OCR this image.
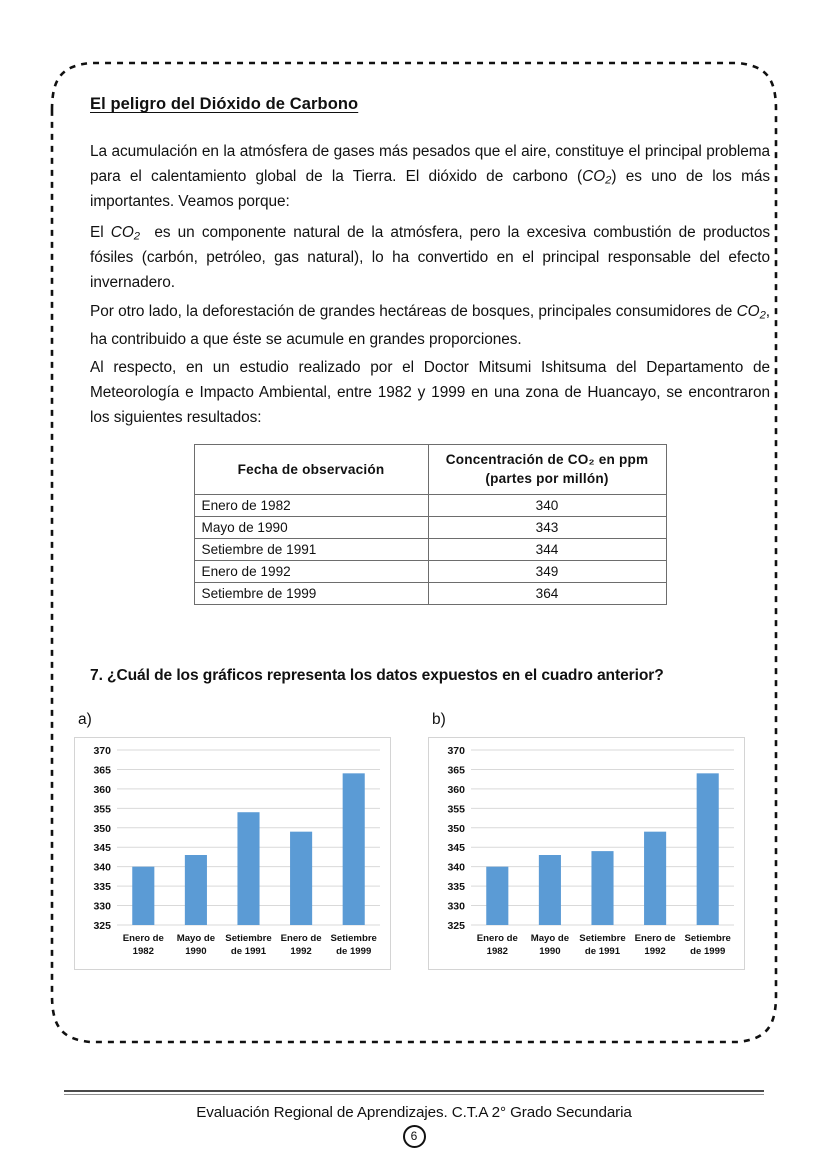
El peligro del Dióxido de Carbono

La acumulación en la atmósfera de gases más pesados que el aire, constituye el principal problema para el calentamiento global de la Tierra. El dióxido de carbono $(CO_2)$ es uno de los más importantes. Veamos porque:

El $CO_2$  es un componente natural de la atmósfera, pero la excesiva combustión de productos fósiles (carbón, petróleo, gas natural), lo ha convertido en el principal responsable del efecto invernadero.

Por otro lado, la deforestación de grandes hectáreas de bosques, principales consumidores de $CO_2$, ha contribuido a que éste se acumule en grandes proporciones.

Al respecto, en un estudio realizado por el Doctor Mitsumi Ishitsuma del Departamento de Meteorología e Impacto Ambiental, entre 1982 y 1999 en una zona de Huancayo, se encontraron los siguientes resultados:

Fecha de observación	Concentración de CO₂ en ppm
(partes por millón)
Enero de 1982	340
Mayo de 1990	343
Setiembre de 1991	344
Enero de 1992	349
Setiembre de 1999	364
7. ¿Cuál de los gráficos representa los datos expuestos en el cuadro anterior?
a)
325
330
335
340
345
350
355
360
365
370
Enero de
1982
Mayo de
1990
Setiembre
de 1991
Enero de
1992
Setiembre
de 1999
b)
325
330
335
340
345
350
355
360
365
370
Enero de
1982
Mayo de
1990
Setiembre
de 1991
Enero de
1992
Setiembre
de 1999
Evaluación Regional de Aprendizajes. C.T.A 2° Grado Secundaria
6
